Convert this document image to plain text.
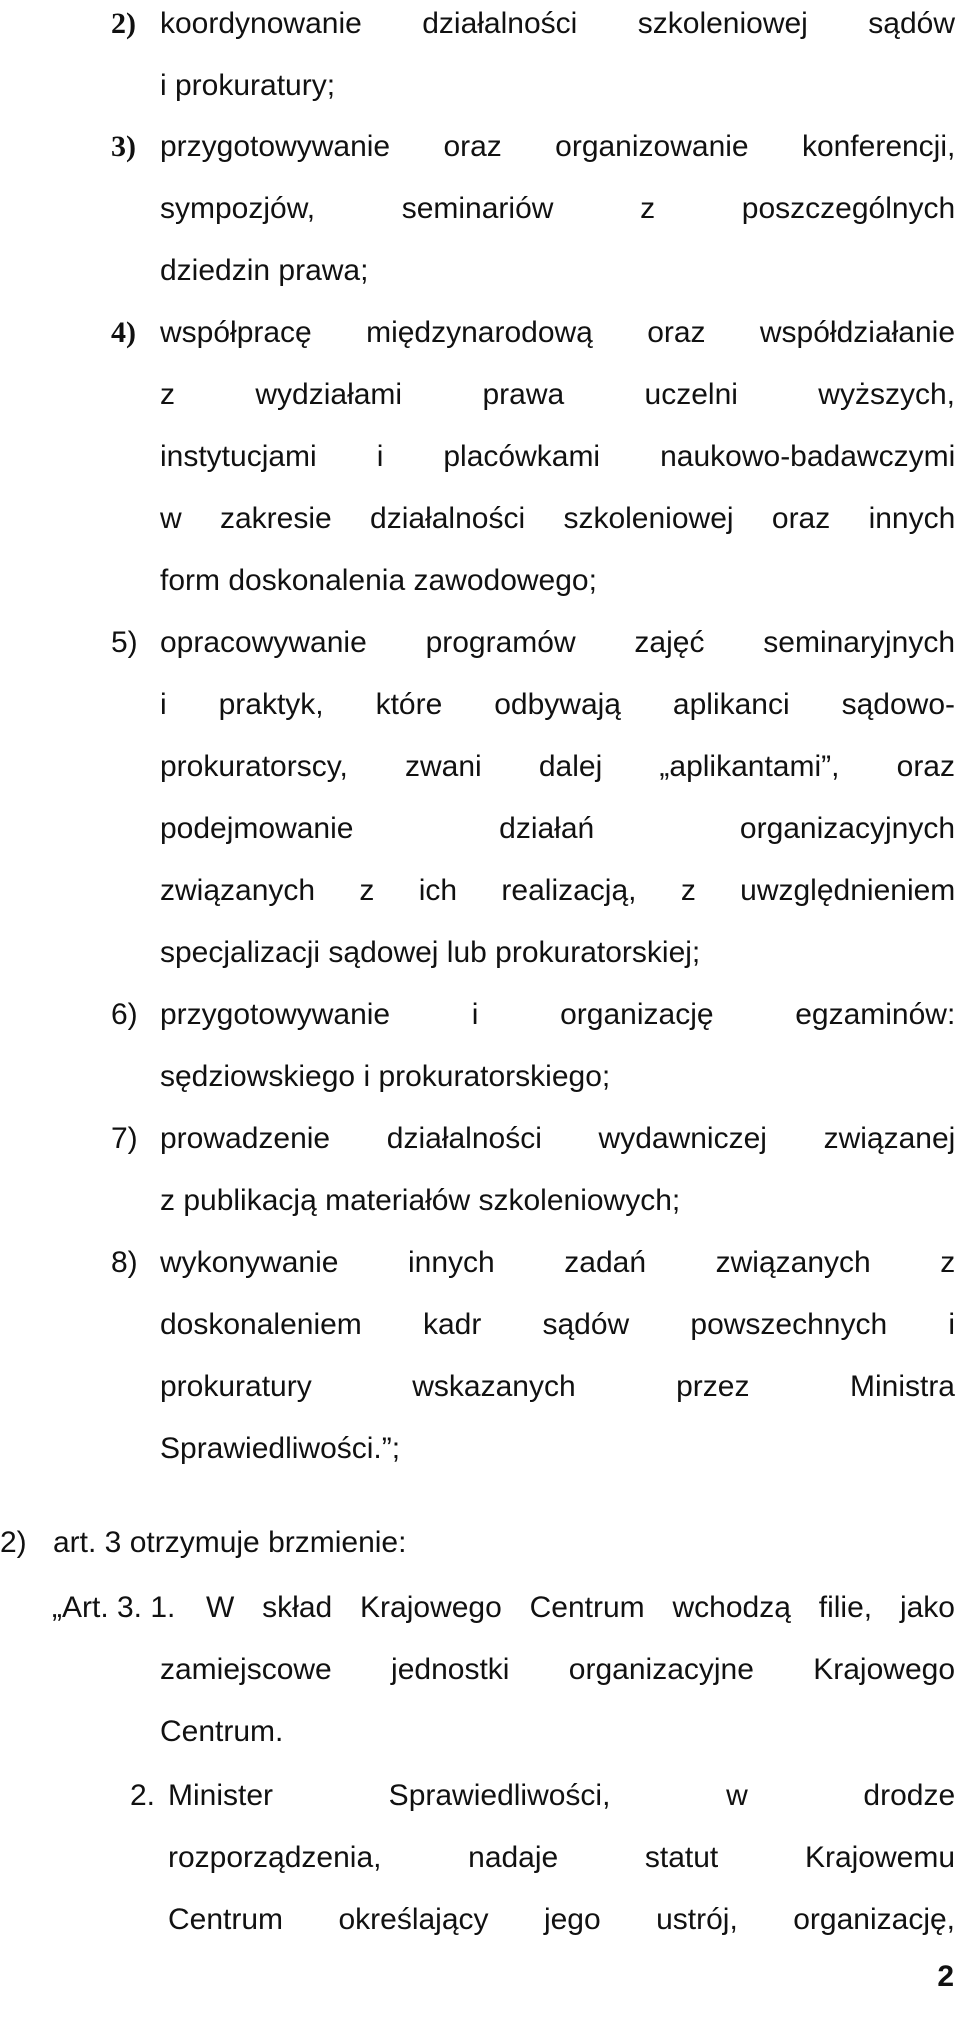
2) koordynowanie działalności szkoleniowej sądów
i prokuratury;
3) przygotowywanie oraz organizowanie konferencji,
sympozjów, seminariów z poszczególnych
dziedzin prawa;
4) współpracę międzynarodową oraz współdziałanie
z wydziałami prawa uczelni wyższych,
instytucjami i placówkami naukowo-badawczymi
w zakresie działalności szkoleniowej oraz innych
form doskonalenia zawodowego;
5) opracowywanie programów zajęć seminaryjnych
i praktyk, które odbywają aplikanci sądowo-
prokuratorscy, zwani dalej „aplikantami”, oraz
podejmowanie działań organizacyjnych
związanych z ich realizacją, z uwzględnieniem
specjalizacji sądowej lub prokuratorskiej;
6) przygotowywanie i organizację egzaminów:
sędziowskiego i prokuratorskiego;
7) prowadzenie działalności wydawniczej związanej
z publikacją materiałów szkoleniowych;
8) wykonywanie innych zadań związanych z
doskonaleniem kadr sądów powszechnych i
prokuratury wskazanych przez Ministra
Sprawiedliwości.”;
2) art. 3 otrzymuje brzmienie:
„Art. 3. 1.	W skład Krajowego Centrum wchodzą filie, jako
zamiejscowe jednostki organizacyjne Krajowego
Centrum.
2. Minister Sprawiedliwości, w drodze
rozporządzenia, nadaje statut Krajowemu
Centrum określający jego ustrój, organizację,
2
